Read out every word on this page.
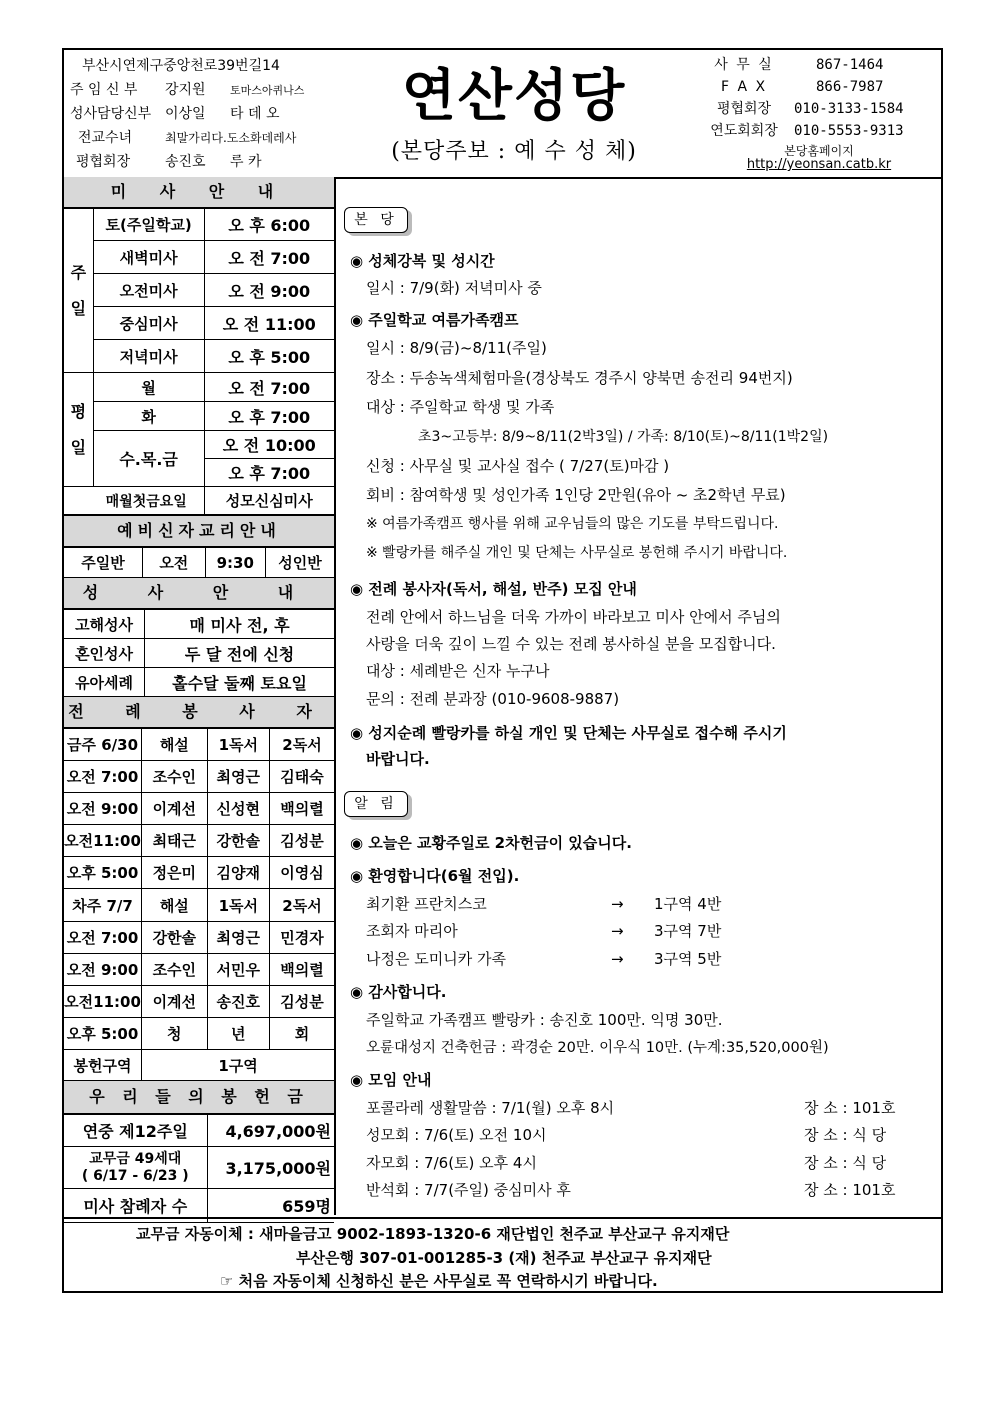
부산시연제구중앙천로39번길14
주 임 신 부 강지원 토마스아퀴나스
성사담당신부 이상일 타 데 오
전교수녀	최말가리다.도소화데레사
평협회장 송진호 루 카
연산성당
(본당주보 : 예 수 성 체)
사 무 실	867-1464
F A X	866-7987
평협회장	010-3133-1584
연도회회장	010-5553-9313
본당홈페이지
http://yeonsan.catb.kr
미 사 안 내
주 일	토(주일학교)	오 후 6:00
	새벽미사	오 전 7:00
	오전미사	오 전 9:00
	중심미사	오 전 11:00
	저녁미사	오 후 5:00

평 일	월	오 전 7:00
	화	오 후 7:00
	수.목.금	오 전 10:00
		오 후 7:00
매월첫금요일		성모신심미사
예비신자교리안내
주일반	오전	9:30	성인반
성 사 안 내
고해성사	매 미사 전, 후
혼인성사	두 달 전에 신청
유아세례	홀수달 둘째 토요일
전 례 봉 사 자
금주 6/30	해설	1독서	2독서
오전 7:00	조수인	최영근	김태숙
오전 9:00	이계선	신성현	백의렬
오전11:00	최태근	강한솔	김성분
오후 5:00	정은미	김양재	이영심
차주 7/7	해설	1독서	2독서
오전 7:00	강한솔	최영근	민경자
오전 9:00	조수인	서민우	백의렬
오전11:00	이계선	송진호	김성분
오후 5:00	청	년	회
봉헌구역	1구역		
우 리 들 의 봉 헌 금
연중 제12주일	4,697,000원
교무금 49세대
( 6/17 - 6/23 )	3,175,000원
미사 참례자 수	659명
본 당
◉ 성체강복 및 성시간
일시 : 7/9(화) 저녁미사 중
◉ 주일학교 여름가족캠프
일시 : 8/9(금)~8/11(주일)
장소 : 두송녹색체험마을(경상북도 경주시 양북면 송전리 94번지)
대상 : 주일학교 학생 및 가족
초3~고등부: 8/9~8/11(2박3일) / 가족: 8/10(토)~8/11(1박2일)
신청 : 사무실 및 교사실 접수 ( 7/27(토)마감 )
회비 : 참여학생 및 성인가족 1인당 2만원(유아 ~ 초2학년 무료)
※ 여름가족캠프 행사를 위해 교우님들의 많은 기도를 부탁드립니다.
※ 빨랑카를 해주실 개인 및 단체는 사무실로 봉헌해 주시기 바랍니다.
◉ 전례 봉사자(독서, 해설, 반주) 모집 안내
전례 안에서 하느님을 더욱 가까이 바라보고 미사 안에서 주님의
사랑을 더욱 깊이 느낄 수 있는 전례 봉사하실 분을 모집합니다.
대상 : 세례받은 신자 누구나
문의 : 전례 분과장 (010-9608-9887)
◉ 성지순례 빨랑카를 하실 개인 및 단체는 사무실로 접수해 주시기
바랍니다.
알 림
◉ 오늘은 교황주일로 2차헌금이 있습니다.
◉ 환영합니다(6월 전입).
최기환 프란치스코	→ 1구역 4반
조회자 마리아	→ 3구역 7반
나정은 도미니카 가족	→ 3구역 5반
◉ 감사합니다.
주일학교 가족캠프 빨랑카 : 송진호 100만. 익명 30만.
오륜대성지 건축헌금 : 곽경순 20만. 이우식 10만. (누계:35,520,000원)
◉ 모임 안내
포콜라레 생활말씀 : 7/1(월) 오후 8시	장 소 : 101호
성모회 : 7/6(토) 오전 10시	장 소 : 식 당
자모회 : 7/6(토) 오후 4시	장 소 : 식 당
반석회 : 7/7(주일) 중심미사 후	장 소 : 101호
교무금 자동이체 : 새마을금고 9002-1893-1320-6 재단법인 천주교 부산교구 유지재단
부산은행 307-01-001285-3 (재) 천주교 부산교구 유지재단
☞ 처음 자동이체 신청하신 분은 사무실로 꼭 연락하시기 바랍니다.
